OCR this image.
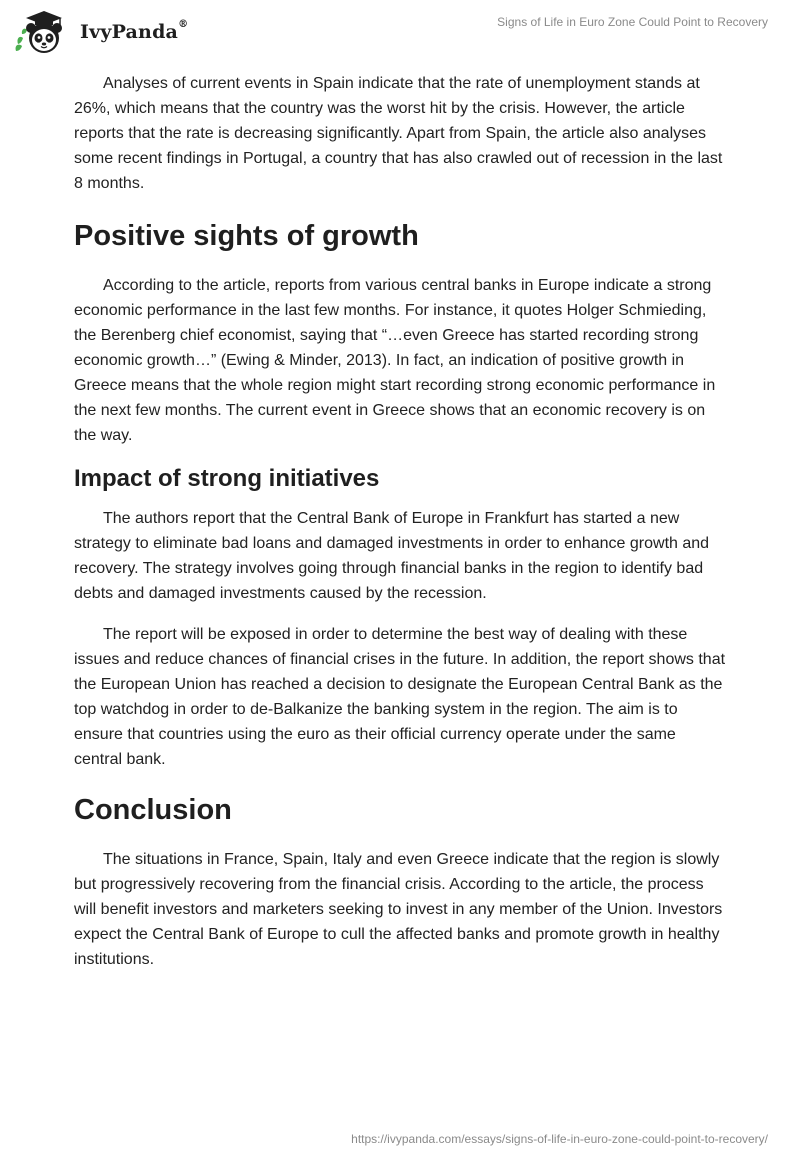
IvyPanda®	Signs of Life in Euro Zone Could Point to Recovery

Analyses of current events in Spain indicate that the rate of unemployment stands at 26%, which means that the country was the worst hit by the crisis. However, the article reports that the rate is decreasing significantly. Apart from Spain, the article also analyses some recent findings in Portugal, a country that has also crawled out of recession in the last 8 months.

Positive sights of growth

According to the article, reports from various central banks in Europe indicate a strong economic performance in the last few months. For instance, it quotes Holger Schmieding, the Berenberg chief economist, saying that “…even Greece has started recording strong economic growth…” (Ewing & Minder, 2013). In fact, an indication of positive growth in Greece means that the whole region might start recording strong economic performance in the next few months. The current event in Greece shows that an economic recovery is on the way.

Impact of strong initiatives

The authors report that the Central Bank of Europe in Frankfurt has started a new strategy to eliminate bad loans and damaged investments in order to enhance growth and recovery. The strategy involves going through financial banks in the region to identify bad debts and damaged investments caused by the recession.

The report will be exposed in order to determine the best way of dealing with these issues and reduce chances of financial crises in the future. In addition, the report shows that the European Union has reached a decision to designate the European Central Bank as the top watchdog in order to de-Balkanize the banking system in the region. The aim is to ensure that countries using the euro as their official currency operate under the same central bank.

Conclusion

The situations in France, Spain, Italy and even Greece indicate that the region is slowly but progressively recovering from the financial crisis. According to the article, the process will benefit investors and marketers seeking to invest in any member of the Union. Investors expect the Central Bank of Europe to cull the affected banks and promote growth in healthy institutions.

https://ivypanda.com/essays/signs-of-life-in-euro-zone-could-point-to-recovery/
